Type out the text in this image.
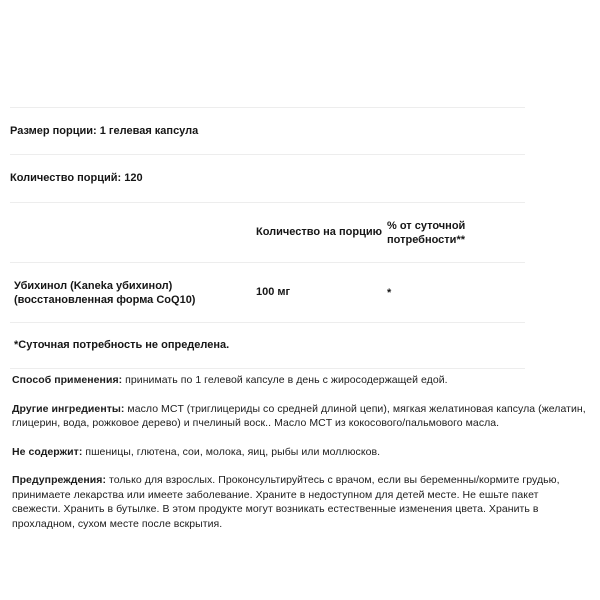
Размер порции: 1 гелевая капсула
Количество порций: 120
Количество на порцию
% от суточной
потребности**
Убихинол (Kaneka убихинол)
(восстановленная форма CoQ10)
100 мг	*
*Суточная потребность не определена.

Способ применения: принимать по 1 гелевой капсуле в день с жиросодержащей едой.

Другие ингредиенты: масло MCT (триглицериды со средней длиной цепи), мягкая желатиновая капсула (желатин, глицерин, вода, рожковое дерево) и пчелиный воск.. Масло MCT из кокосового/пальмового масла.

Не содержит: пшеницы, глютена, сои, молока, яиц, рыбы или моллюсков.

Предупреждения: только для взрослых. Проконсультируйтесь с врачом, если вы беременны/кормите грудью, принимаете лекарства или имеете заболевание. Храните в недоступном для детей месте. Не ешьте пакет свежести. Хранить в бутылке. В этом продукте могут возникать естественные изменения цвета. Хранить в прохладном, сухом месте после вскрытия.
